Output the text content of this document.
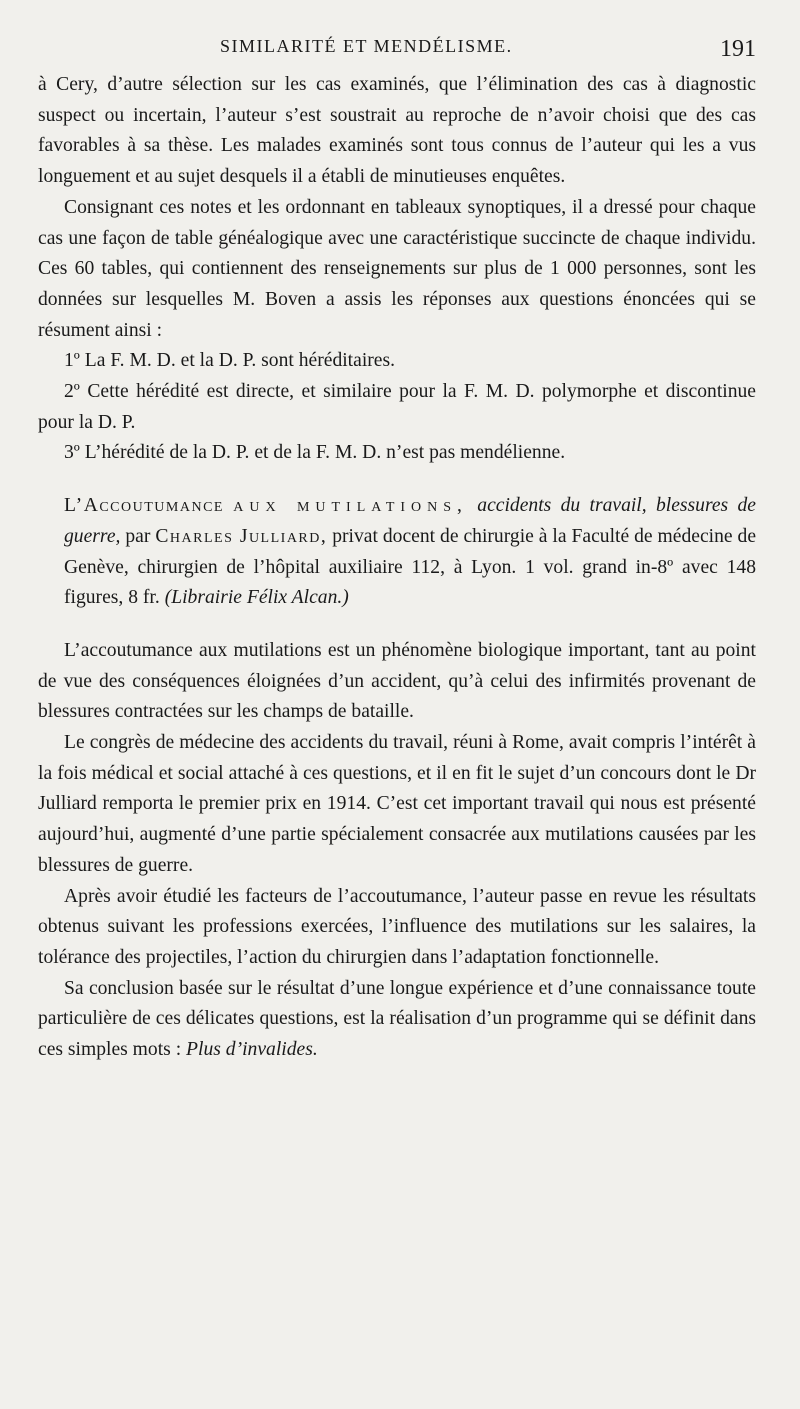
SIMILARITÉ ET MENDÉLISME.	191

à Cery, d’autre sélection sur les cas examinés, que l’élimination des cas à diagnostic suspect ou incertain, l’auteur s’est soustrait au reproche de n’avoir choisi que des cas favorables à sa thèse. Les malades examinés sont tous connus de l’auteur qui les a vus longuement et au sujet desquels il a établi de minutieuses enquêtes.

Consignant ces notes et les ordonnant en tableaux synoptiques, il a dressé pour chaque cas une façon de table généalogique avec une caractéristique succincte de chaque individu. Ces 60 tables, qui contiennent des renseignements sur plus de 1 000 personnes, sont les données sur lesquelles M. Boven a assis les réponses aux questions énoncées qui se résument ainsi :

1º La F. M. D. et la D. P. sont héréditaires.

2º Cette hérédité est directe, et similaire pour la F. M. D. polymorphe et discontinue pour la D. P.

3º L’hérédité de la D. P. et de la F. M. D. n’est pas mendélienne.

L’Accoutumance aux mutilations, accidents du travail, blessures de guerre, par Charles Julliard, privat docent de chirurgie à la Faculté de médecine de Genève, chirurgien de l’hôpital auxiliaire 112, à Lyon. 1 vol. grand in-8º avec 148 figures, 8 fr. (Librairie Félix Alcan.)

L’accoutumance aux mutilations est un phénomène biologique important, tant au point de vue des conséquences éloignées d’un accident, qu’à celui des infirmités provenant de blessures contractées sur les champs de bataille.

Le congrès de médecine des accidents du travail, réuni à Rome, avait compris l’intérêt à la fois médical et social attaché à ces questions, et il en fit le sujet d’un concours dont le Dr Julliard remporta le premier prix en 1914. C’est cet important travail qui nous est présenté aujourd’hui, augmenté d’une partie spécialement consacrée aux mutilations causées par les blessures de guerre.

Après avoir étudié les facteurs de l’accoutumance, l’auteur passe en revue les résultats obtenus suivant les professions exercées, l’influence des mutilations sur les salaires, la tolérance des projectiles, l’action du chirurgien dans l’adaptation fonctionnelle.

Sa conclusion basée sur le résultat d’une longue expérience et d’une connaissance toute particulière de ces délicates questions, est la réalisation d’un programme qui se définit dans ces simples mots : Plus d’invalides.
